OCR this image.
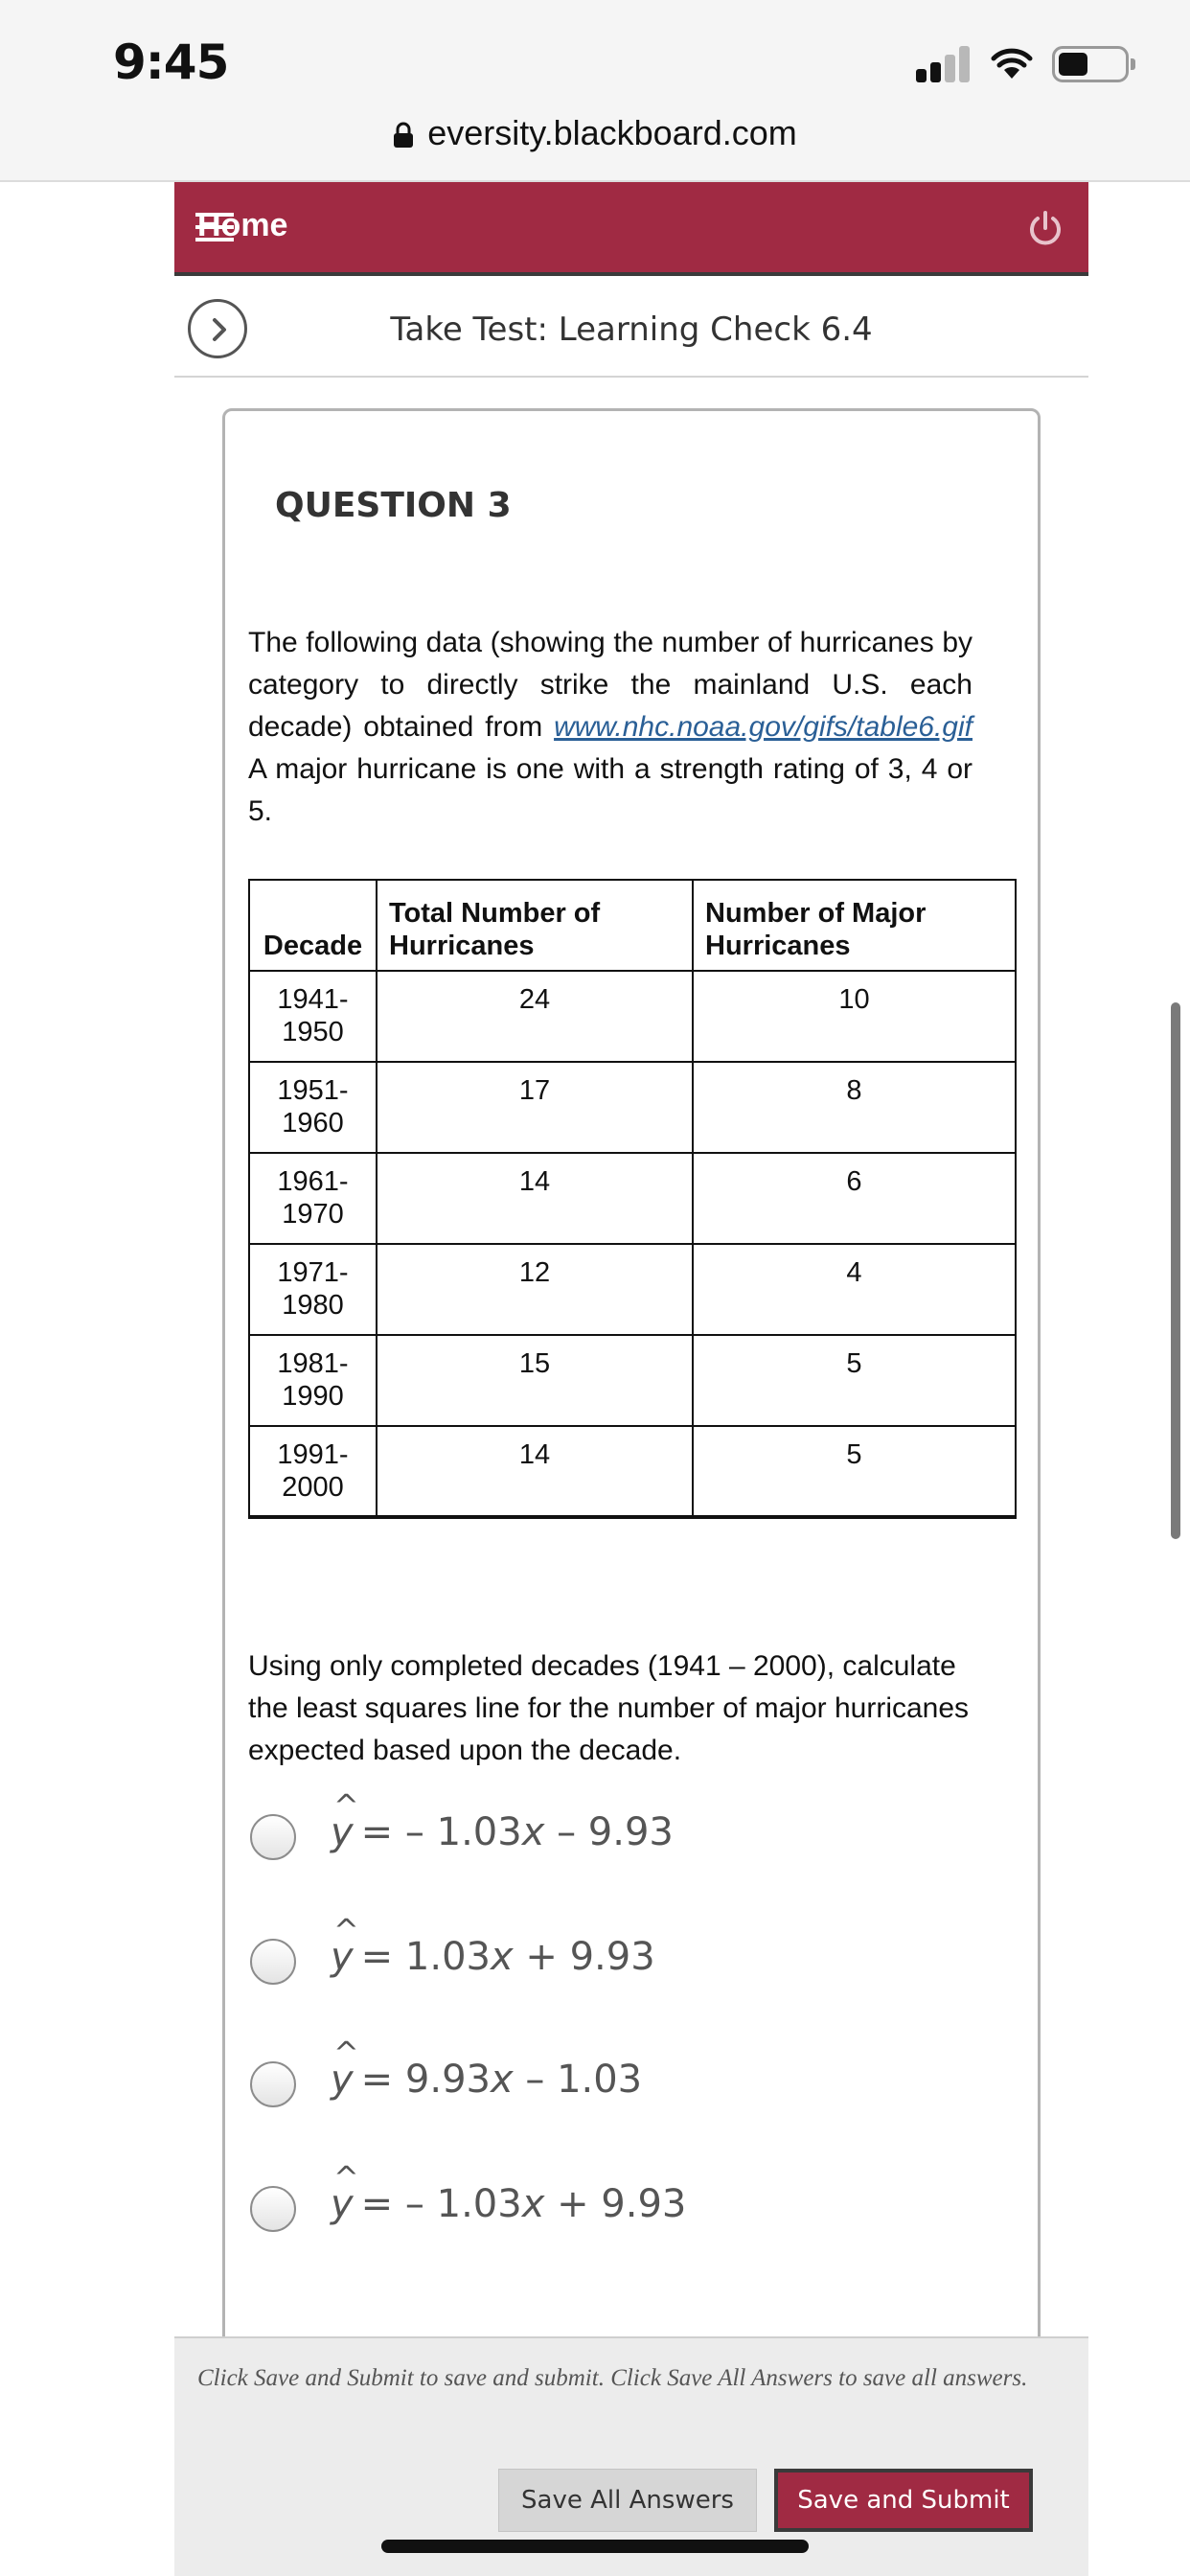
9:45
eversity.blackboard.com
Home
Take Test: Learning Check 6.4
QUESTION 3

The following data (showing the number of hurricanes by category to directly strike the mainland U.S. each decade) obtained from www.nhc.noaa.gov/gifs/table6.gif A major hurricane is one with a strength rating of 3, 4 or 5.

Decade	Total Number of Hurricanes	Number of Major Hurricanes
1941-1950	24	10
1951-1960	17	8
1961-1970	14	6
1971-1980	12	4
1981-1990	15	5
1991-2000	14	5

Using only completed decades (1941 – 2000), calculate the least squares line for the number of major hurricanes expected based upon the decade.

^ y = – 1.03x – 9.93
^ y = 1.03x + 9.93
^ y = 9.93x – 1.03
^ y = – 1.03x + 9.93
Click Save and Submit to save and submit. Click Save All Answers to save all answers.
Save All Answers	Save and Submit
